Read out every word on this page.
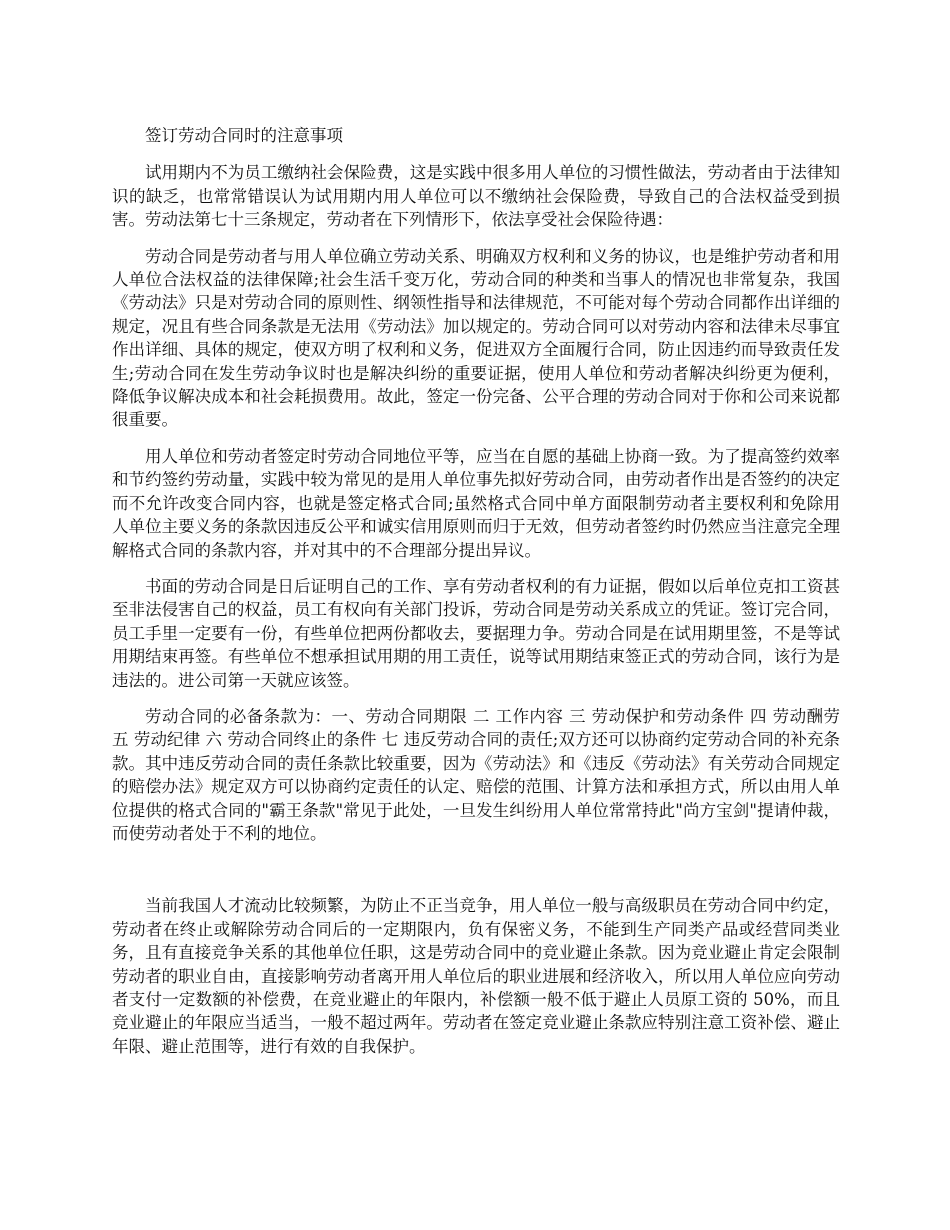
签订劳动合同时的注意事项

试用期内不为员工缴纳社会保险费，这是实践中很多用人单位的习惯性做法，劳动者由于法律知识的缺乏，也常常错误认为试用期内用人单位可以不缴纳社会保险费，导致自己的合法权益受到损害。劳动法第七十三条规定，劳动者在下列情形下，依法享受社会保险待遇：

劳动合同是劳动者与用人单位确立劳动关系、明确双方权利和义务的协议，也是维护劳动者和用人单位合法权益的法律保障;社会生活千变万化，劳动合同的种类和当事人的情况也非常复杂，我国《劳动法》只是对劳动合同的原则性、纲领性指导和法律规范，不可能对每个劳动合同都作出详细的规定，况且有些合同条款是无法用《劳动法》加以规定的。劳动合同可以对劳动内容和法律未尽事宜作出详细、具体的规定，使双方明了权利和义务，促进双方全面履行合同，防止因违约而导致责任发生;劳动合同在发生劳动争议时也是解决纠纷的重要证据，使用人单位和劳动者解决纠纷更为便利，降低争议解决成本和社会耗损费用。故此，签定一份完备、公平合理的劳动合同对于你和公司来说都很重要。

用人单位和劳动者签定时劳动合同地位平等，应当在自愿的基础上协商一致。为了提高签约效率和节约签约劳动量，实践中较为常见的是用人单位事先拟好劳动合同，由劳动者作出是否签约的决定而不允许改变合同内容，也就是签定格式合同;虽然格式合同中单方面限制劳动者主要权利和免除用人单位主要义务的条款因违反公平和诚实信用原则而归于无效，但劳动者签约时仍然应当注意完全理解格式合同的条款内容，并对其中的不合理部分提出异议。

书面的劳动合同是日后证明自己的工作、享有劳动者权利的有力证据，假如以后单位克扣工资甚至非法侵害自己的权益，员工有权向有关部门投诉，劳动合同是劳动关系成立的凭证。签订完合同，员工手里一定要有一份，有些单位把两份都收去，要据理力争。劳动合同是在试用期里签，不是等试用期结束再签。有些单位不想承担试用期的用工责任，说等试用期结束签正式的劳动合同，该行为是违法的。进公司第一天就应该签。

劳动合同的必备条款为：一、劳动合同期限 二 工作内容 三 劳动保护和劳动条件 四 劳动酬劳 五 劳动纪律 六 劳动合同终止的条件 七 违反劳动合同的责任;双方还可以协商约定劳动合同的补充条款。其中违反劳动合同的责任条款比较重要，因为《劳动法》和《违反《劳动法》有关劳动合同规定的赔偿办法》规定双方可以协商约定责任的认定、赔偿的范围、计算方法和承担方式，所以由用人单位提供的格式合同的"霸王条款"常见于此处，一旦发生纠纷用人单位常常持此"尚方宝剑"提请仲裁，而使劳动者处于不利的地位。

当前我国人才流动比较频繁，为防止不正当竞争，用人单位一般与高级职员在劳动合同中约定，劳动者在终止或解除劳动合同后的一定期限内，负有保密义务，不能到生产同类产品或经营同类业务，且有直接竞争关系的其他单位任职，这是劳动合同中的竞业避止条款。因为竞业避止肯定会限制劳动者的职业自由，直接影响劳动者离开用人单位后的职业进展和经济收入，所以用人单位应向劳动者支付一定数额的补偿费，在竞业避止的年限内，补偿额一般不低于避止人员原工资的 50%，而且竞业避止的年限应当适当，一般不超过两年。劳动者在签定竞业避止条款应特别注意工资补偿、避止年限、避止范围等，进行有效的自我保护。
